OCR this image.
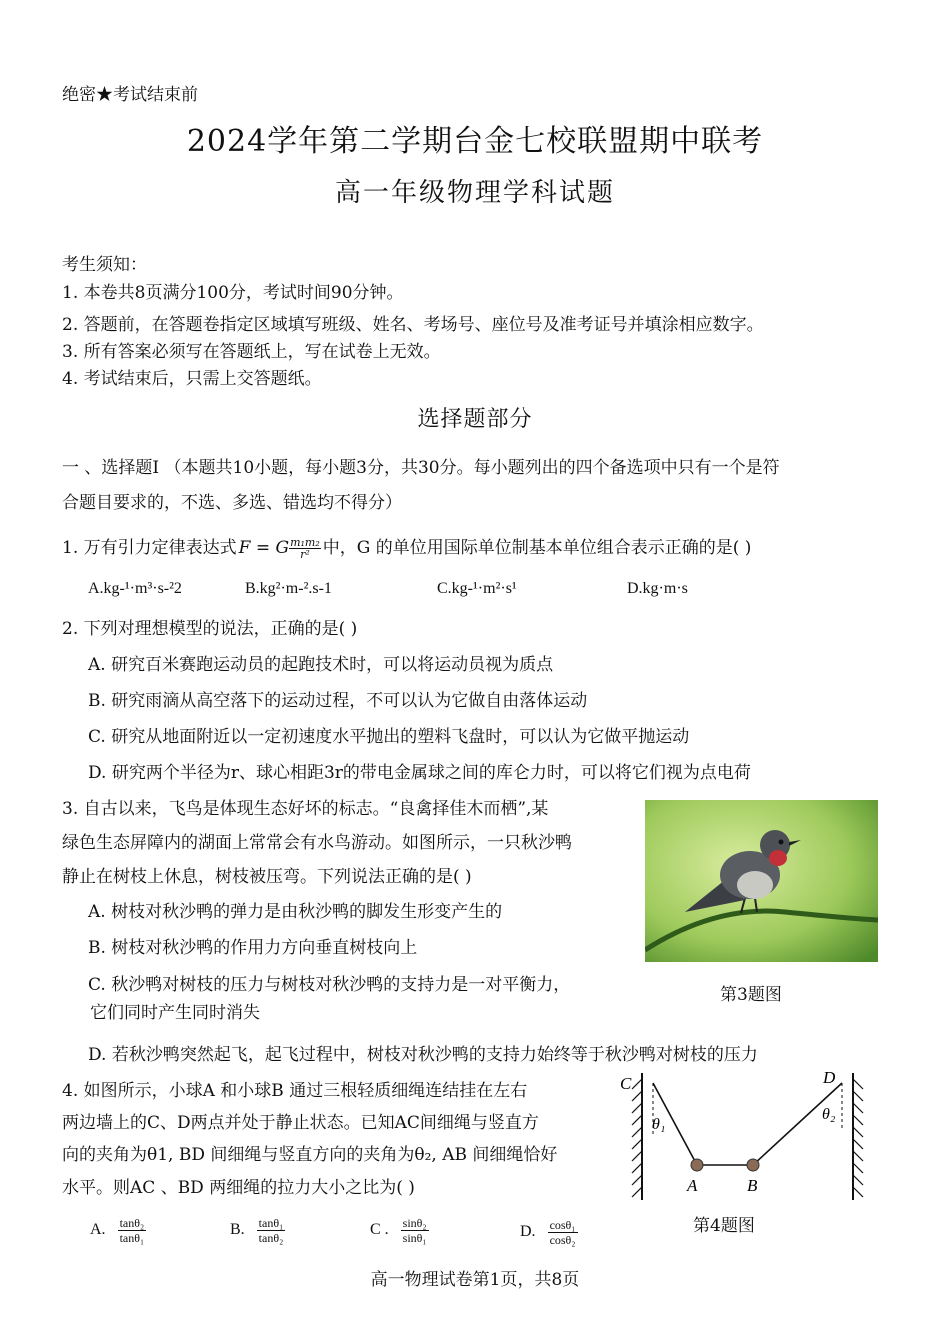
绝密★考试结束前
2024学年第二学期台金七校联盟期中联考
高一年级物理学科试题
考生须知：
1. 本卷共8页满分100分，考试时间90分钟。
2. 答题前，在答题卷指定区域填写班级、姓名、考场号、座位号及准考证号并填涂相应数字。
3. 所有答案必须写在答题纸上，写在试卷上无效。
4. 考试结束后，只需上交答题纸。
选择题部分
一 、选择题I （本题共10小题，每小题3分，共30分。每小题列出的四个备选项中只有一个是符
合题目要求的，不选、多选、错选均不得分）
1. 万有引力定律表达式 F = G $\frac{\text{m₁m₂}}{\text{r²}}$ 中，G 的单位用国际单位制基本单位组合表示正确的是( )
A.kg-¹·m³·s-²2	B.kg²·m-².s-1	C.kg-¹·m²·s¹	D.kg·m·s
2. 下列对理想模型的说法，正确的是( )
A. 研究百米赛跑运动员的起跑技术时，可以将运动员视为质点
B. 研究雨滴从高空落下的运动过程，不可以认为它做自由落体运动
C. 研究从地面附近以一定初速度水平抛出的塑料飞盘时，可以认为它做平抛运动
D. 研究两个半径为r、球心相距3r的带电金属球之间的库仑力时，可以将它们视为点电荷
3. 自古以来，飞鸟是体现生态好坏的标志。“良禽择佳木而栖”,某
绿色生态屏障内的湖面上常常会有水鸟游动。如图所示，一只秋沙鸭
静止在树枝上休息，树枝被压弯。下列说法正确的是( )
A. 树枝对秋沙鸭的弹力是由秋沙鸭的脚发生形变产生的
B. 树枝对秋沙鸭的作用力方向垂直树枝向上
C. 秋沙鸭对树枝的压力与树枝对秋沙鸭的支持力是一对平衡力，
它们同时产生同时消失
D. 若秋沙鸭突然起飞，起飞过程中，树枝对秋沙鸭的支持力始终等于秋沙鸭对树枝的压力
第3题图
4. 如图所示，小球A 和小球B 通过三根轻质细绳连结挂在左右
两边墙上的C、D两点并处于静止状态。已知AC间细绳与竖直方
向的夹角为θ1, BD 间细绳与竖直方向的夹角为θ₂, AB 间细绳恰好
水平。则AC 、BD 两细绳的拉力大小之比为( )
A. $\frac{\text{tanθ₂}}{\text{tanθ₁}}$	B. $\frac{\text{tanθ₁}}{\text{tanθ₂}}$	C . $\frac{\text{sinθ₂}}{\text{sinθ₁}}$	D. $\frac{\text{cosθ₁}}{\text{cosθ₂}}$
C	D
A	B
θ₁
θ₂
第4题图
高一物理试卷第1页，共8页
